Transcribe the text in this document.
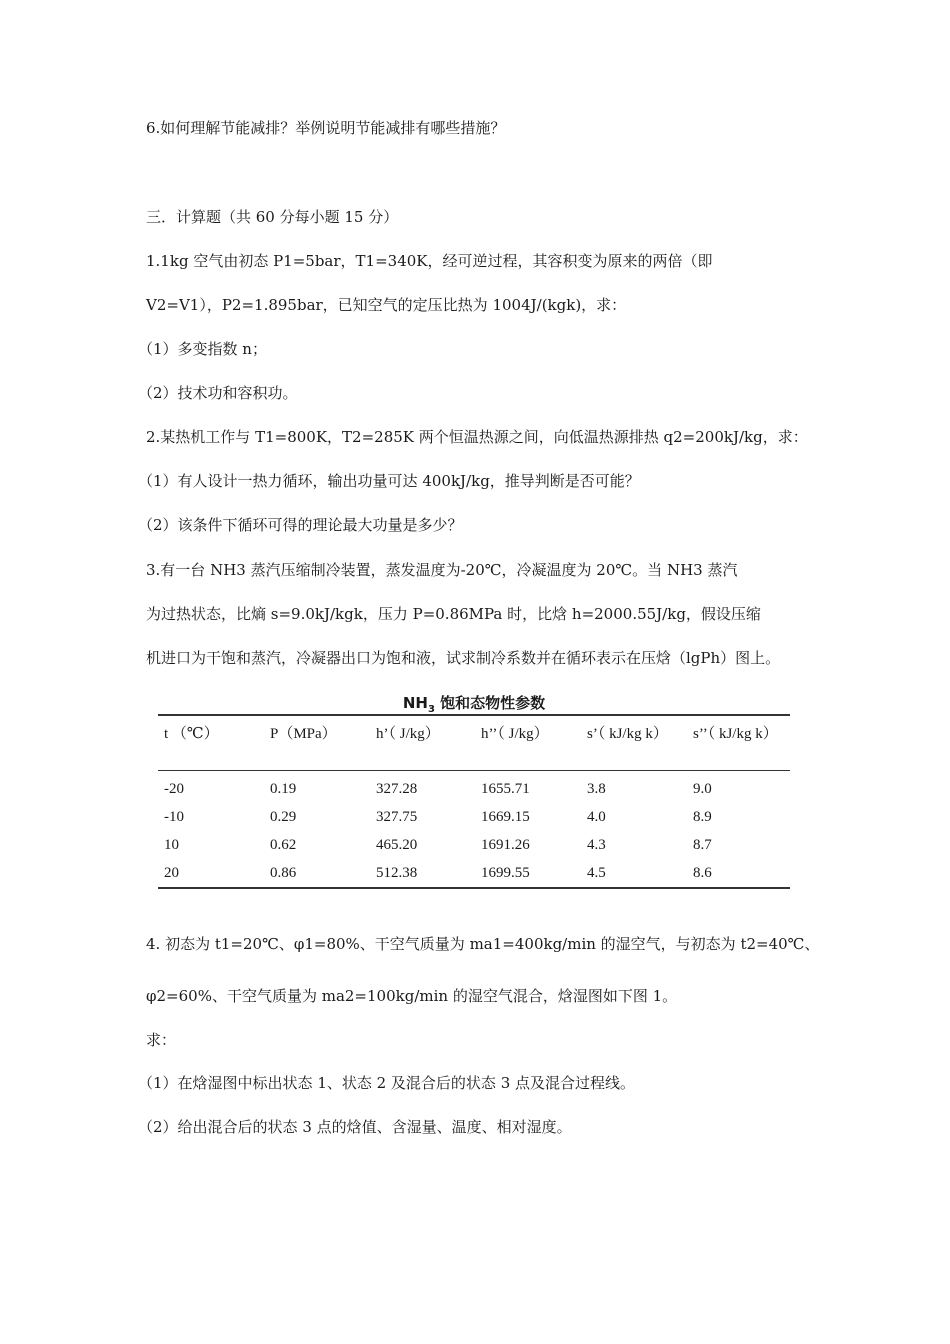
6.如何理解节能减排？举例说明节能减排有哪些措施？
三．计算题（共 60 分每小题 15 分）
1.1kg 空气由初态 P1=5bar，T1=340K，经可逆过程，其容积变为原来的两倍（即
V2=V1），P2=1.895bar，已知空气的定压比热为 1004J/(kgk)，求：
（1）多变指数 n；
（2）技术功和容积功。
2.某热机工作与 T1=800K，T2=285K 两个恒温热源之间，向低温热源排热 q2=200kJ/kg，求：
（1）有人设计一热力循环，输出功量可达 400kJ/kg，推导判断是否可能？
（2）该条件下循环可得的理论最大功量是多少？
3.有一台 NH3 蒸汽压缩制冷装置，蒸发温度为-20℃，冷凝温度为 20℃。当 NH3 蒸汽
为过热状态，比熵 s=9.0kJ/kgk，压力 P=0.86MPa 时，比焓 h=2000.55J/kg，假设压缩
机进口为干饱和蒸汽，冷凝器出口为饱和液，试求制冷系数并在循环表示在压焓（lgPh）图上。
$NH_3$ 饱和态物性参数
t （℃）	P（MPa）	h’（ J/kg）	h’’（ J/kg）	s’（ kJ/kg k）	s’’（ kJ/kg k）
-20	0.19	327.28	1655.71	3.8	9.0
-10	0.29	327.75	1669.15	4.0	8.9
10	0.62	465.20	1691.26	4.3	8.7
20	0.86	512.38	1699.55	4.5	8.6
4. 初态为 t1=20℃、φ1=80%、干空气质量为 ma1=400kg/min 的湿空气，与初态为 t2=40℃、
φ2=60%、干空气质量为 ma2=100kg/min 的湿空气混合，焓湿图如下图 1。
求：
（1）在焓湿图中标出状态 1、状态 2 及混合后的状态 3 点及混合过程线。
（2）给出混合后的状态 3 点的焓值、含湿量、温度、相对湿度。
